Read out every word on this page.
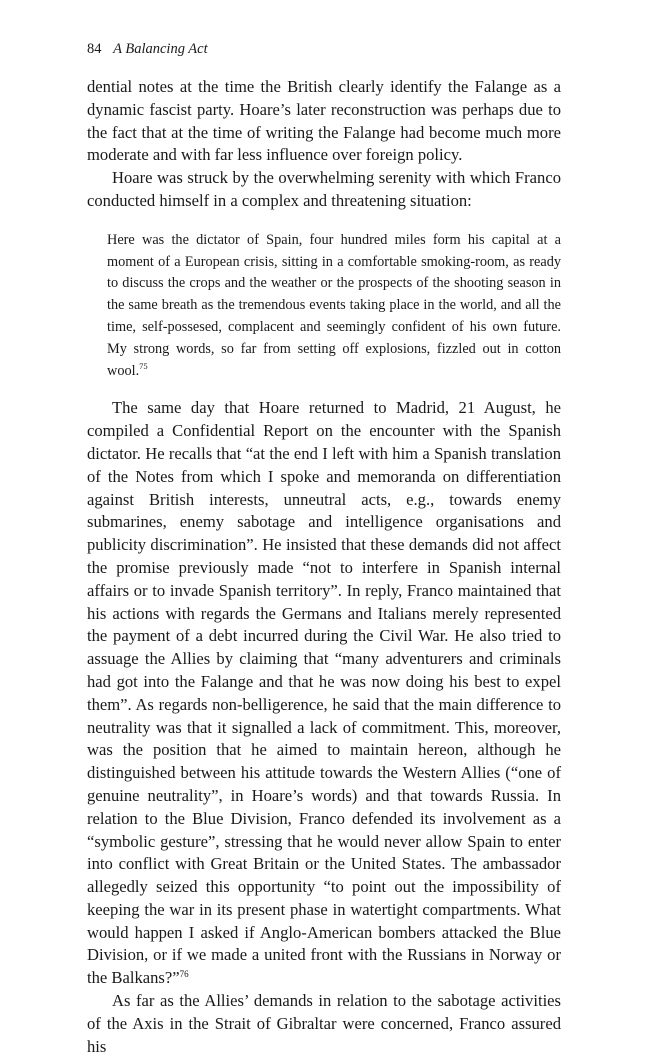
84 A Balancing Act

dential notes at the time the British clearly identify the Falange as a dynamic fascist party. Hoare’s later reconstruction was perhaps due to the fact that at the time of writing the Falange had become much more moderate and with far less influence over foreign policy.

Hoare was struck by the overwhelming serenity with which Franco conducted himself in a complex and threatening situation:

Here was the dictator of Spain, four hundred miles form his capital at a moment of a European crisis, sitting in a comfortable smoking-room, as ready to discuss the crops and the weather or the prospects of the shooting season in the same breath as the tremendous events taking place in the world, and all the time, self-possesed, complacent and seemingly confident of his own future. My strong words, so far from setting off explosions, fizzled out in cotton wool.$^{75}$

The same day that Hoare returned to Madrid, 21 August, he compiled a Confidential Report on the encounter with the Spanish dictator. He recalls that “at the end I left with him a Spanish translation of the Notes from which I spoke and memoranda on differentiation against British interests, unneutral acts, e.g., towards enemy submarines, enemy sabotage and intelligence organisations and publicity discrimination”. He insisted that these demands did not affect the promise previously made “not to interfere in Spanish internal affairs or to invade Spanish territory”. In reply, Franco maintained that his actions with regards the Germans and Italians merely represented the payment of a debt incurred during the Civil War. He also tried to assuage the Allies by claiming that “many adventurers and criminals had got into the Falange and that he was now doing his best to expel them”. As regards non-belligerence, he said that the main difference to neutrality was that it signalled a lack of commitment. This, moreover, was the position that he aimed to maintain hereon, although he distinguished between his attitude towards the Western Allies (“one of genuine neutrality”, in Hoare’s words) and that towards Russia. In relation to the Blue Division, Franco defended its involvement as a “symbolic gesture”, stressing that he would never allow Spain to enter into conflict with Great Britain or the United States. The ambassador allegedly seized this opportunity “to point out the impossibility of keeping the war in its present phase in watertight compartments. What would happen I asked if Anglo-American bombers attacked the Blue Division, or if we made a united front with the Russians in Norway or the Balkans?”$^{76}$

As far as the Allies’ demands in relation to the sabotage activities of the Axis in the Strait of Gibraltar were concerned, Franco assured his
